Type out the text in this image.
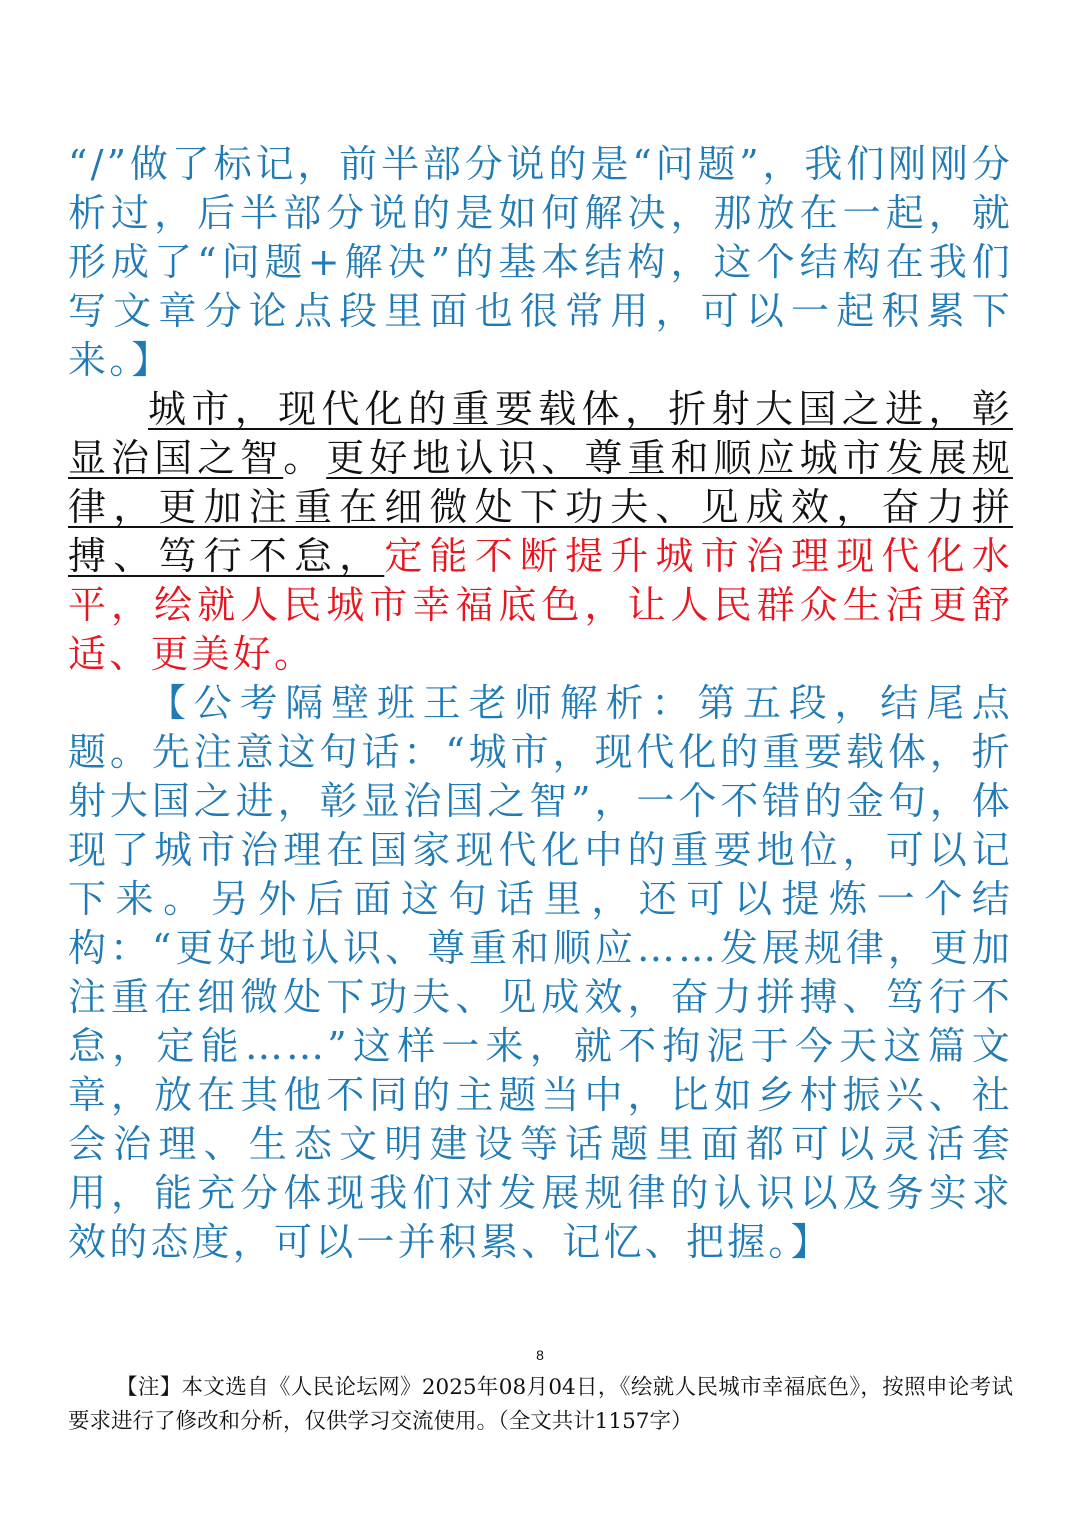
“/”做了标记，前半部分说的是“问题”，我们刚刚分析过，后半部分说的是如何解决，那放在一起，就形成了“问题+解决”的基本结构，这个结构在我们写文章分论点段里面也很常用，可以一起积累下来。】

城市，现代化的重要载体，折射大国之进，彰显治国之智。更好地认识、尊重和顺应城市发展规律，更加注重在细微处下功夫、见成效，奋力拼搏、笃行不怠，定能不断提升城市治理现代化水平，绘就人民城市幸福底色，让人民群众生活更舒适、更美好。

【公考隔壁班王老师解析：第五段，结尾点题。先注意这句话：“城市，现代化的重要载体，折射大国之进，彰显治国之智”，一个不错的金句，体现了城市治理在国家现代化中的重要地位，可以记下来。另外后面这句话里，还可以提炼一个结构：“更好地认识、尊重和顺应……发展规律，更加注重在细微处下功夫、见成效，奋力拼搏、笃行不怠，定能……”这样一来，就不拘泥于今天这篇文章，放在其他不同的主题当中，比如乡村振兴、社会治理、生态文明建设等话题里面都可以灵活套用，能充分体现我们对发展规律的认识以及务实求效的态度，可以一并积累、记忆、把握。】

8
【注】本文选自《人民论坛网》2025年08月04日，《绘就人民城市幸福底色》，按照申论考试要求进行了修改和分析，仅供学习交流使用。（全文共计1157字）
